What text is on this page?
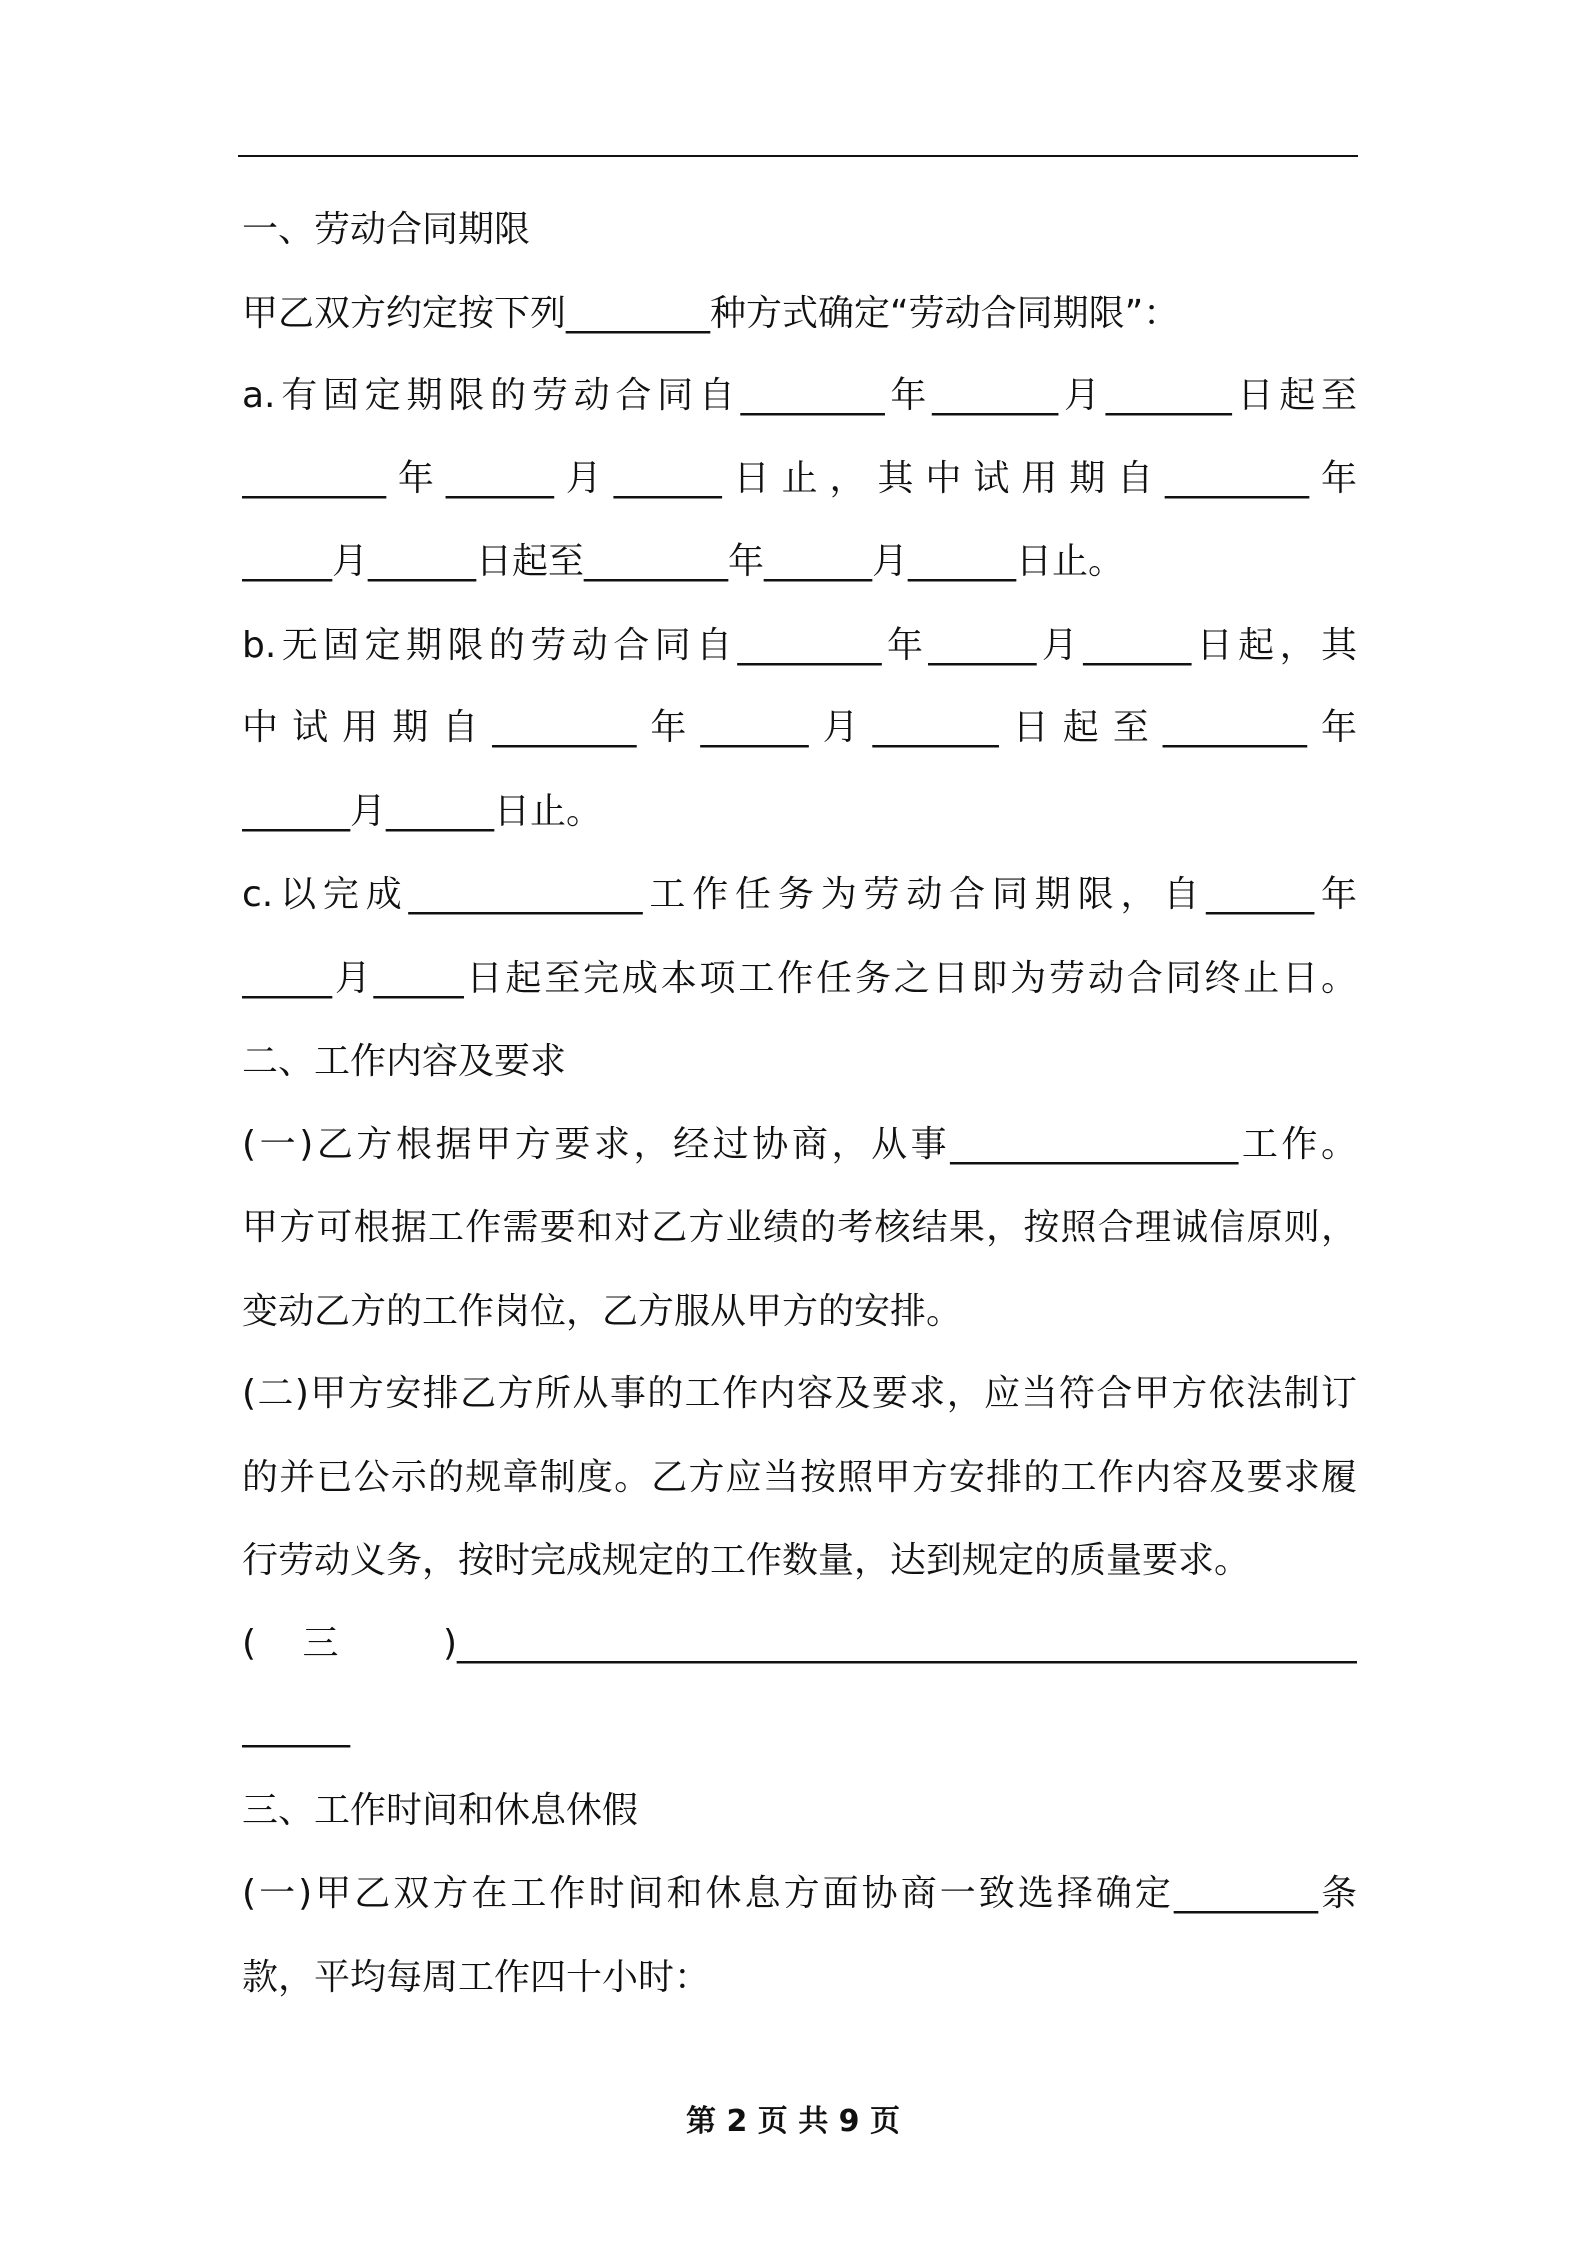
一、劳动合同期限
甲乙双方约定按下列________种方式确定“劳动合同期限”：
a.有固定期限的劳动合同自________年_______月_______日起至
________年______月______日止，其中试用期自________年
_____月______日起至________年______月______日止。
b.无固定期限的劳动合同自________年______月______日起，其
中试用期自________年______月_______日起至________年
______月______日止。
c.以完成_____________工作任务为劳动合同期限，自______年
_____月_____日起至完成本项工作任务之日即为劳动合同终止日。
二、工作内容及要求
(一)乙方根据甲方要求，经过协商，从事________________工作。
甲方可根据工作需要和对乙方业绩的考核结果，按照合理诚信原则，
变动乙方的工作岗位，乙方服从甲方的安排。
(二)甲方安排乙方所从事的工作内容及要求，应当符合甲方依法制订
的并已公示的规章制度。乙方应当按照甲方安排的工作内容及要求履
行劳动义务，按时完成规定的工作数量，达到规定的质量要求。
(三 )__________________________________________________
______
三、工作时间和休息休假
(一)甲乙双方在工作时间和休息方面协商一致选择确定________条
款，平均每周工作四十小时：
第 2 页 共 9 页
